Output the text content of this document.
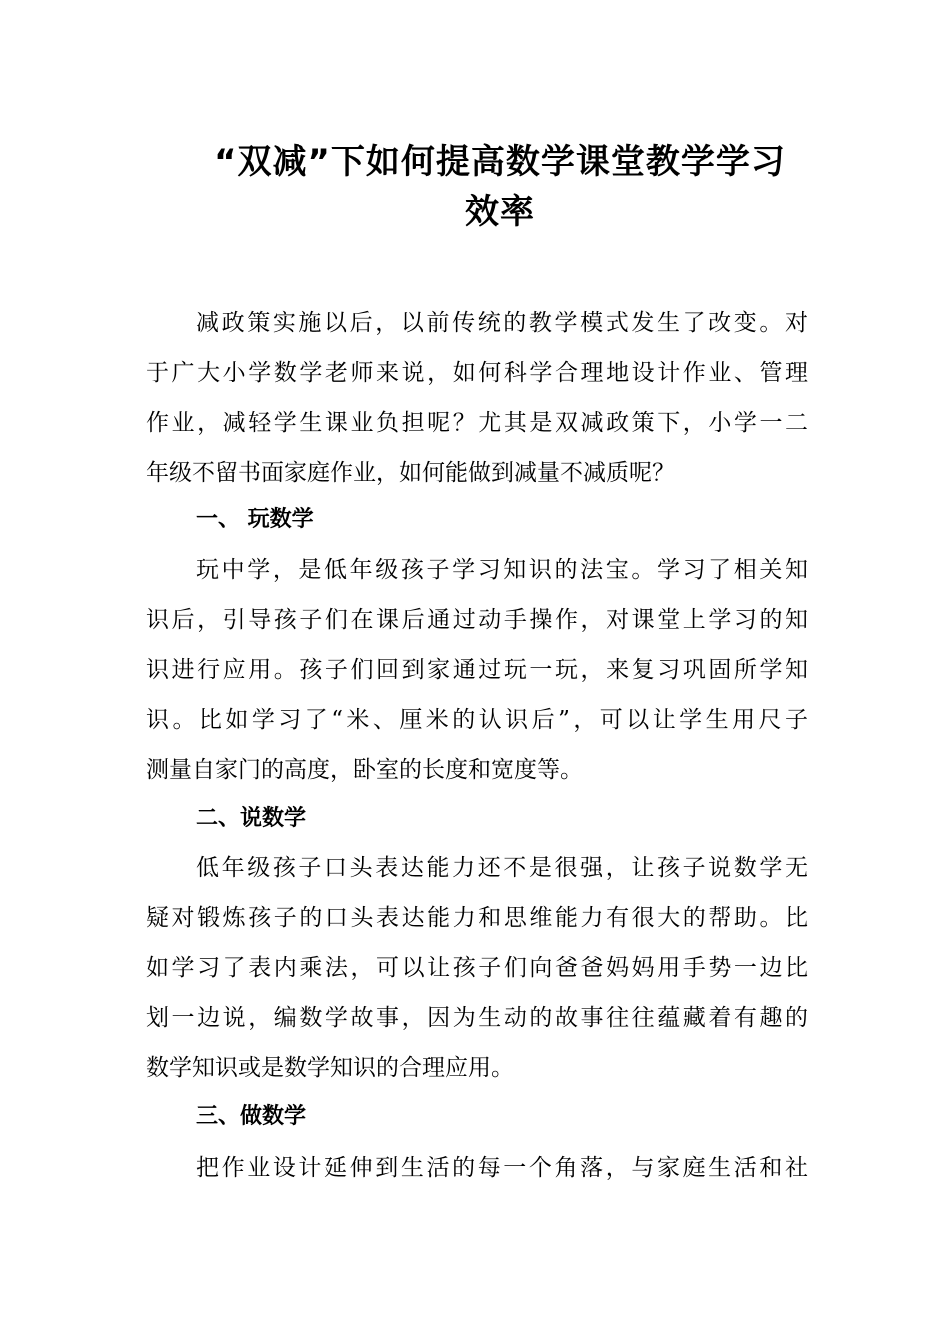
“双减”下如何提高数学课堂教学学习
效率
减政策实施以后，以前传统的教学模式发生了改变。对
于广大小学数学老师来说，如何科学合理地设计作业、管理
作业，减轻学生课业负担呢？尤其是双减政策下，小学一二
年级不留书面家庭作业，如何能做到减量不减质呢？
一、 玩数学
玩中学，是低年级孩子学习知识的法宝。学习了相关知
识后，引导孩子们在课后通过动手操作，对课堂上学习的知
识进行应用。孩子们回到家通过玩一玩，来复习巩固所学知
识。比如学习了“米、厘米的认识后”，可以让学生用尺子
测量自家门的高度，卧室的长度和宽度等。
二、说数学
低年级孩子口头表达能力还不是很强，让孩子说数学无
疑对锻炼孩子的口头表达能力和思维能力有很大的帮助。比
如学习了表内乘法，可以让孩子们向爸爸妈妈用手势一边比
划一边说，编数学故事，因为生动的故事往往蕴藏着有趣的
数学知识或是数学知识的合理应用。
三、做数学
把作业设计延伸到生活的每一个角落，与家庭生活和社
